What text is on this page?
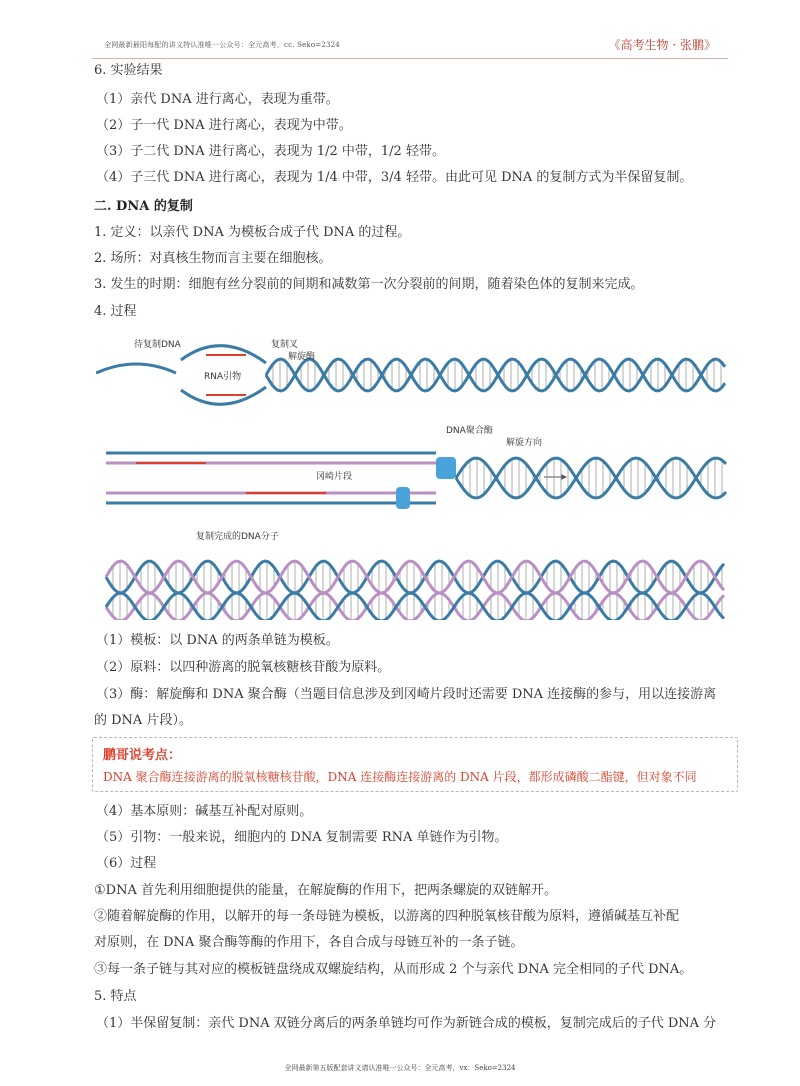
全网最新最阳每配的讲义特认准唯一公众号：全元高考，cc. Seko=2324	《高考生物 · 张鹏》
6. 实验结果
（1）亲代 DNA 进行离心，表现为重带。
（2）子一代 DNA 进行离心，表现为中带。
（3）子二代 DNA 进行离心，表现为 1/2 中带，1/2 轻带。
（4）子三代 DNA 进行离心，表现为 1/4 中带，3/4 轻带。由此可见 DNA 的复制方式为半保留复制。
二. DNA 的复制
1. 定义：以亲代 DNA 为模板合成子代 DNA 的过程。
2. 场所：对真核生物而言主要在细胞核。
3. 发生的时期：细胞有丝分裂前的间期和减数第一次分裂前的间期，随着染色体的复制来完成。
4. 过程
待复制DNA	复制叉
解旋酶
RNA引物
DNA聚合酶
解旋方向
冈崎片段
复制完成的DNA分子
（1）模板：以 DNA 的两条单链为模板。
（2）原料：以四种游离的脱氧核糖核苷酸为原料。
（3）酶：解旋酶和 DNA 聚合酶（当题目信息涉及到冈崎片段时还需要 DNA 连接酶的参与，用以连接游离
的 DNA 片段）。
鹏哥说考点：
DNA 聚合酶连接游离的脱氧核糖核苷酸，DNA 连接酶连接游离的 DNA 片段，都形成磷酸二酯键，但对象不同
（4）基本原则：碱基互补配对原则。
（5）引物：一般来说，细胞内的 DNA 复制需要 RNA 单链作为引物。
（6）过程
①DNA 首先利用细胞提供的能量，在解旋酶的作用下，把两条螺旋的双链解开。
②随着解旋酶的作用，以解开的每一条母链为模板，以游离的四种脱氧核苷酸为原料，遵循碱基互补配
对原则，在 DNA 聚合酶等酶的作用下，各自合成与母链互补的一条子链。
③每一条子链与其对应的模板链盘绕成双螺旋结构，从而形成 2 个与亲代 DNA 完全相同的子代 DNA。
5. 特点
（1）半保留复制：亲代 DNA 双链分离后的两条单链均可作为新链合成的模板，复制完成后的子代 DNA 分
全网最新第五版配套讲义请认准唯一公众号：全元高考，vx：Seko=2324
